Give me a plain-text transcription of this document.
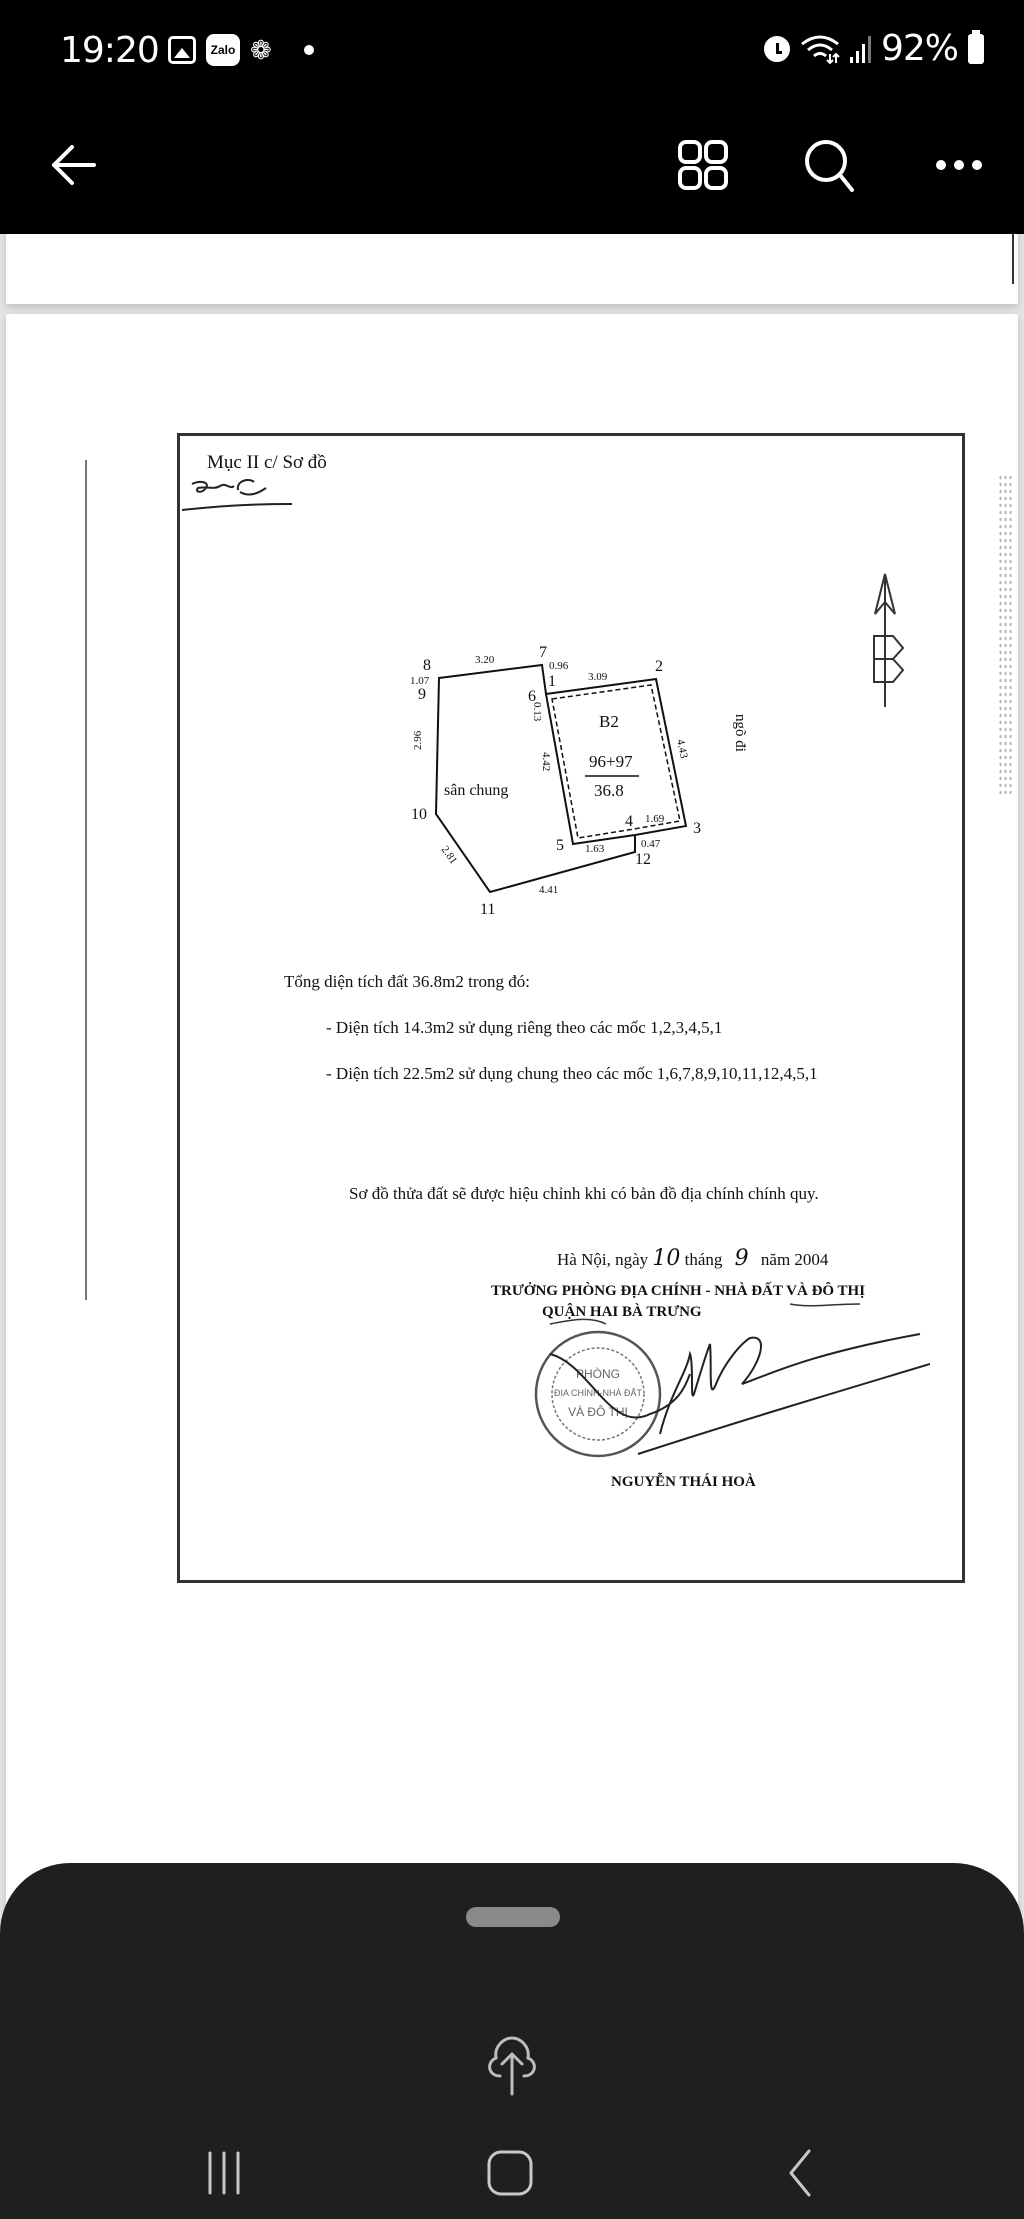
19:20	Zalo ❁	92%
Mục II c/ Sơ đồ
8
7
1
2
3
4
5
6
9
10
11
12
3.20	0.96
3.09
1.07
0.13
2.96
4.42
4.43
1.69
0.47
1.63
2.81
4.41
B2
96+97
36.8
sân chung
ngõ đi
Tổng diện tích đất 36.8m2 trong đó:
- Diện tích 14.3m2 sử dụng riêng theo các mốc 1,2,3,4,5,1
- Diện tích 22.5m2 sử dụng chung theo các mốc 1,6,7,8,9,10,11,12,4,5,1
Sơ đồ thửa đất sẽ được hiệu chỉnh khi có bản đồ địa chính chính quy.
Hà Nội, ngày 10 tháng 9 năm 2004
TRƯỞNG PHÒNG ĐỊA CHÍNH - NHÀ ĐẤT VÀ ĐÔ THỊ
QUẬN HAI BÀ TRƯNG
PHÒNG
ĐỊA CHÍNH-NHÀ ĐẤT
VÀ ĐÔ THỊ
NGUYỄN THÁI HOÀ
